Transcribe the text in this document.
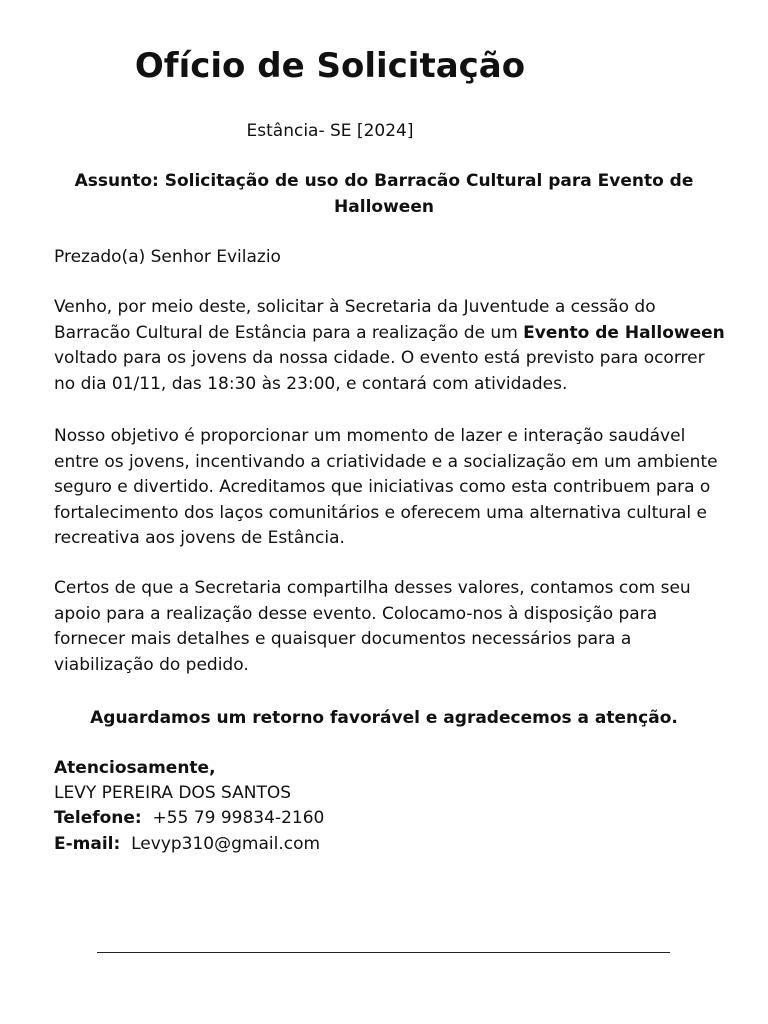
Ofício de Solicitação
Estância- SE [2024]
Assunto: Solicitação de uso do Barracão Cultural para Evento de Halloween

Prezado(a) Senhor Evilazio

Venho, por meio deste, solicitar à Secretaria da Juventude a cessão do Barracão Cultural de Estância para a realização de um Evento de Halloween voltado para os jovens da nossa cidade. O evento está previsto para ocorrer no dia 01/11, das 18:30 às 23:00, e contará com atividades.

Nosso objetivo é proporcionar um momento de lazer e interação saudável entre os jovens, incentivando a criatividade e a socialização em um ambiente seguro e divertido. Acreditamos que iniciativas como esta contribuem para o fortalecimento dos laços comunitários e oferecem uma alternativa cultural e recreativa aos jovens de Estância.

Certos de que a Secretaria compartilha desses valores, contamos com seu apoio para a realização desse evento. Colocamo-nos à disposição para fornecer mais detalhes e quaisquer documentos necessários para a viabilização do pedido.

Aguardamos um retorno favorável e agradecemos a atenção.
Atenciosamente,
LEVY PEREIRA DOS SANTOS
Telefone: +55 79 99834-2160
E-mail: Levyp310@gmail.com
